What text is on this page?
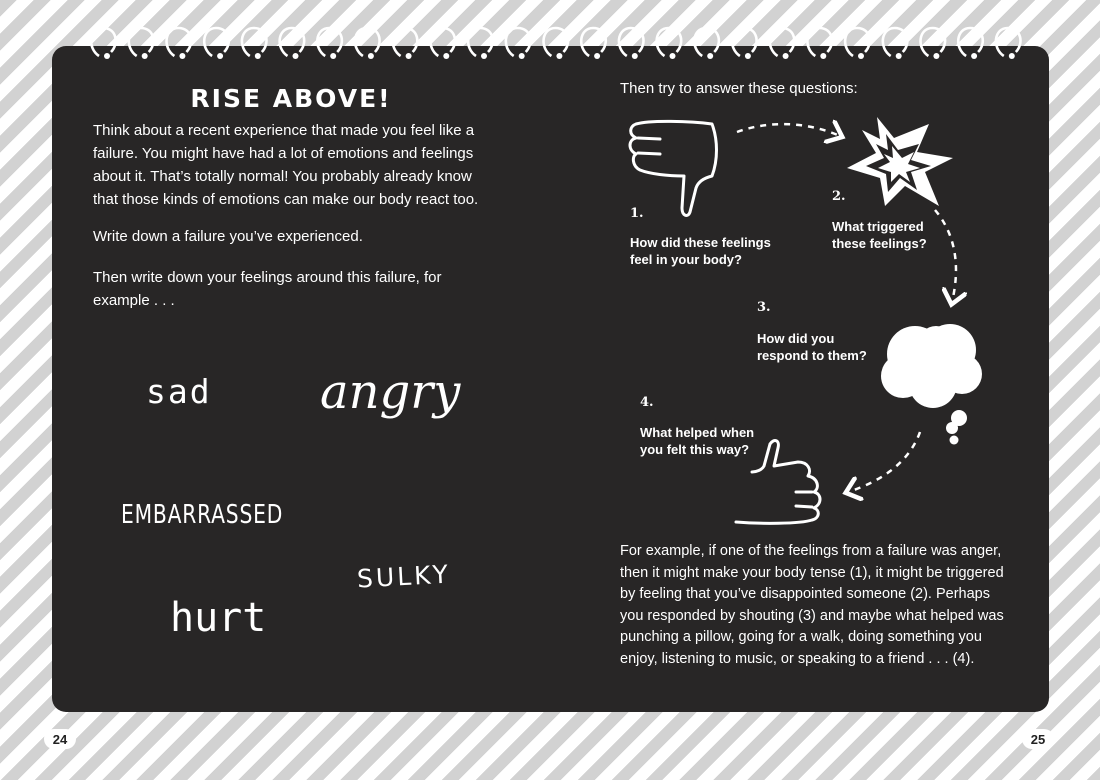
RISE ABOVE!
Think about a recent experience that made you feel like a failure. You might have had a lot of emotions and feelings about it. That’s totally normal! You probably already know that those kinds of emotions can make our body react too.
Write down a failure you’ve experienced.
Then write down your feelings around this failure, for example . . .
sad angry
EMBARRASSED
SULKY
hurt
24
Then try to answer these questions:
1.
How did these feelings feel in your body?
2.
What triggered these feelings?
3.
How did you respond to them?
4.
What helped when you felt this way?
For example, if one of the feelings from a failure was anger, then it might make your body tense (1), it might be triggered by feeling that you’ve disappointed someone (2). Perhaps you responded by shouting (3) and maybe what helped was punching a pillow, going for a walk, doing something you enjoy, listening to music, or speaking to a friend . . . (4).
25
